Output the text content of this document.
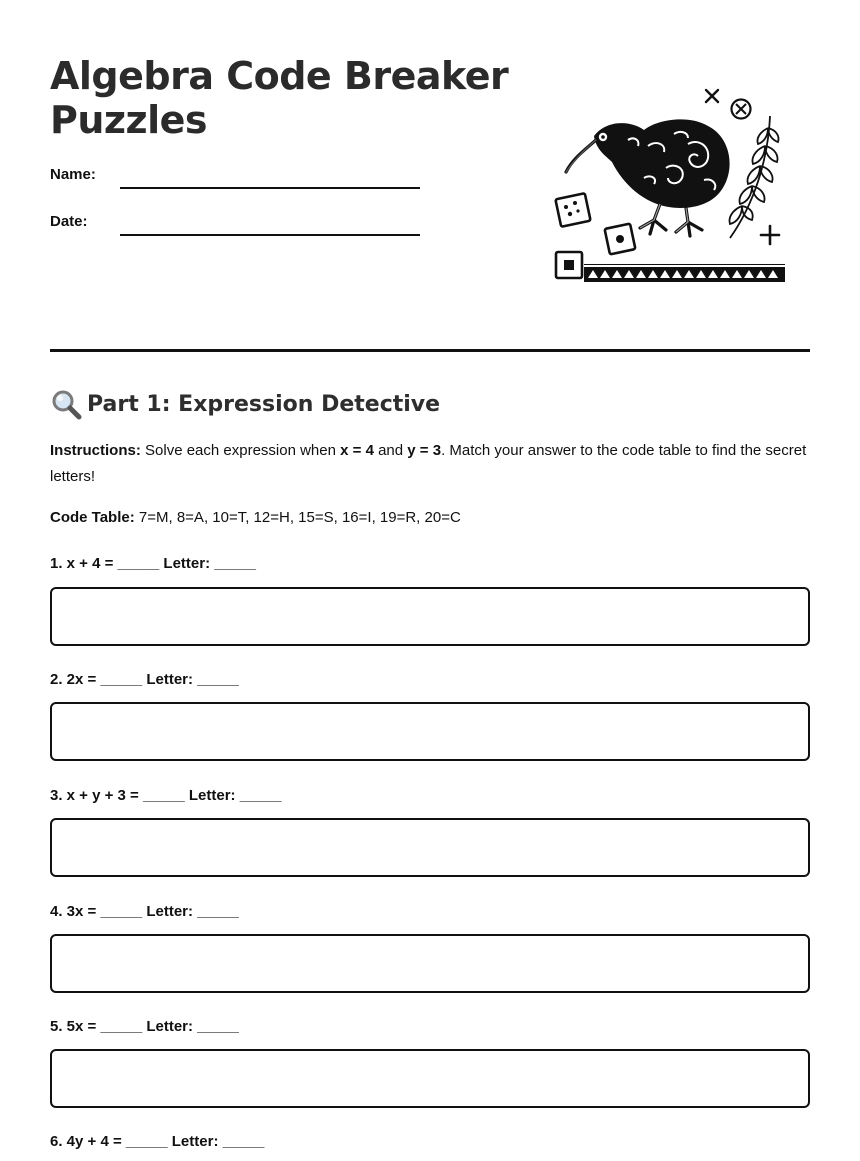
Algebra Code Breaker
Puzzles
Name:
Date:
Part 1: Expression Detective
Instructions: Solve each expression when x = 4 and y = 3. Match your answer to the code table to find the secret letters!
Code Table: 7=M, 8=A, 10=T, 12=H, 15=S, 16=I, 19=R, 20=C
1. x + 4 = _____ Letter: _____
2. 2x = _____ Letter: _____
3. x + y + 3 = _____ Letter: _____
4. 3x = _____ Letter: _____
5. 5x = _____ Letter: _____
6. 4y + 4 = _____ Letter: _____
